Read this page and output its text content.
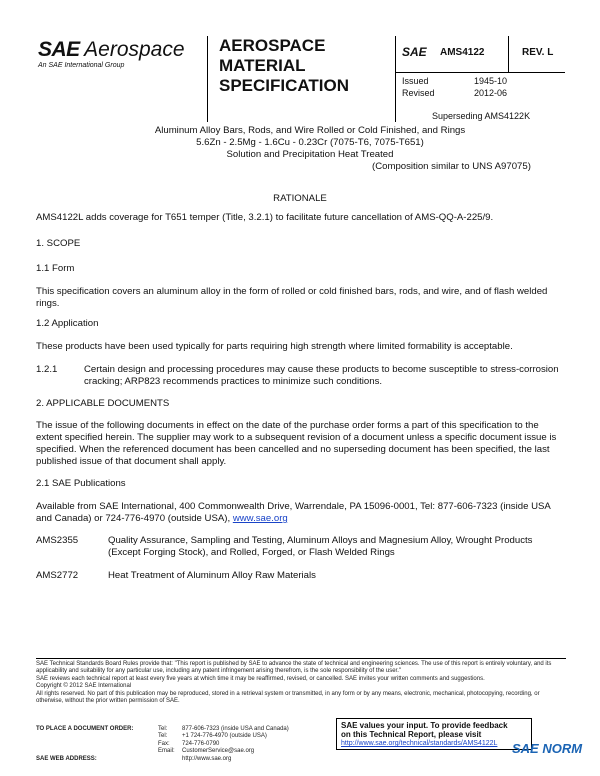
SAE Aerospace
An SAE International Group
AEROSPACE
MATERIAL
SPECIFICATION
SAE AMS4122	REV. L
Issued	1945-10
Revised	2012-06
Superseding AMS4122K
Aluminum Alloy Bars, Rods, and Wire Rolled or Cold Finished, and Rings
5.6Zn - 2.5Mg - 1.6Cu - 0.23Cr (7075-T6, 7075-T651)
Solution and Precipitation Heat Treated
(Composition similar to UNS A97075)
RATIONALE
AMS4122L adds coverage for T651 temper (Title, 3.2.1) to facilitate future cancellation of AMS-QQ-A-225/9.
1. SCOPE
1.1 Form
This specification covers an aluminum alloy in the form of rolled or cold finished bars, rods, and wire, and of flash welded rings.
1.2 Application
These products have been used typically for parts requiring high strength where limited formability is acceptable.
1.2.1	Certain design and processing procedures may cause these products to become susceptible to stress-corrosion cracking; ARP823 recommends practices to minimize such conditions.
2. APPLICABLE DOCUMENTS
The issue of the following documents in effect on the date of the purchase order forms a part of this specification to the extent specified herein. The supplier may work to a subsequent revision of a document unless a specific document issue is specified. When the referenced document has been cancelled and no superseding document has been specified, the last published issue of that document shall apply.
2.1 SAE Publications
Available from SAE International, 400 Commonwealth Drive, Warrendale, PA 15096-0001, Tel: 877-606-7323 (inside USA and Canada) or 724-776-4970 (outside USA), www.sae.org
AMS2355	Quality Assurance, Sampling and Testing, Aluminum Alloys and Magnesium Alloy, Wrought Products (Except Forging Stock), and Rolled, Forged, or Flash Welded Rings
AMS2772	Heat Treatment of Aluminum Alloy Raw Materials
SAE Technical Standards Board Rules provide that: "This report is published by SAE to advance the state of technical and engineering sciences. The use of this report is entirely voluntary, and its applicability and suitability for any particular use, including any patent infringement arising therefrom, is the sole responsibility of the user."
SAE reviews each technical report at least every five years at which time it may be reaffirmed, revised, or cancelled. SAE invites your written comments and suggestions.
Copyright © 2012 SAE International
All rights reserved. No part of this publication may be reproduced, stored in a retrieval system or transmitted, in any form or by any means, electronic, mechanical, photocopying, recording, or otherwise, without the prior written permission of SAE.
TO PLACE A DOCUMENT ORDER:	Tel:	877-606-7323 (inside USA and Canada)
Tel:	+1 724-776-4970 (outside USA)
Fax:	724-776-0790
Email:	CustomerService@sae.org
SAE WEB ADDRESS:	http://www.sae.org
SAE values your input. To provide feedback
on this Technical Report, please visit
http://www.sae.org/technical/standards/AMS4122L	SAE NORM
